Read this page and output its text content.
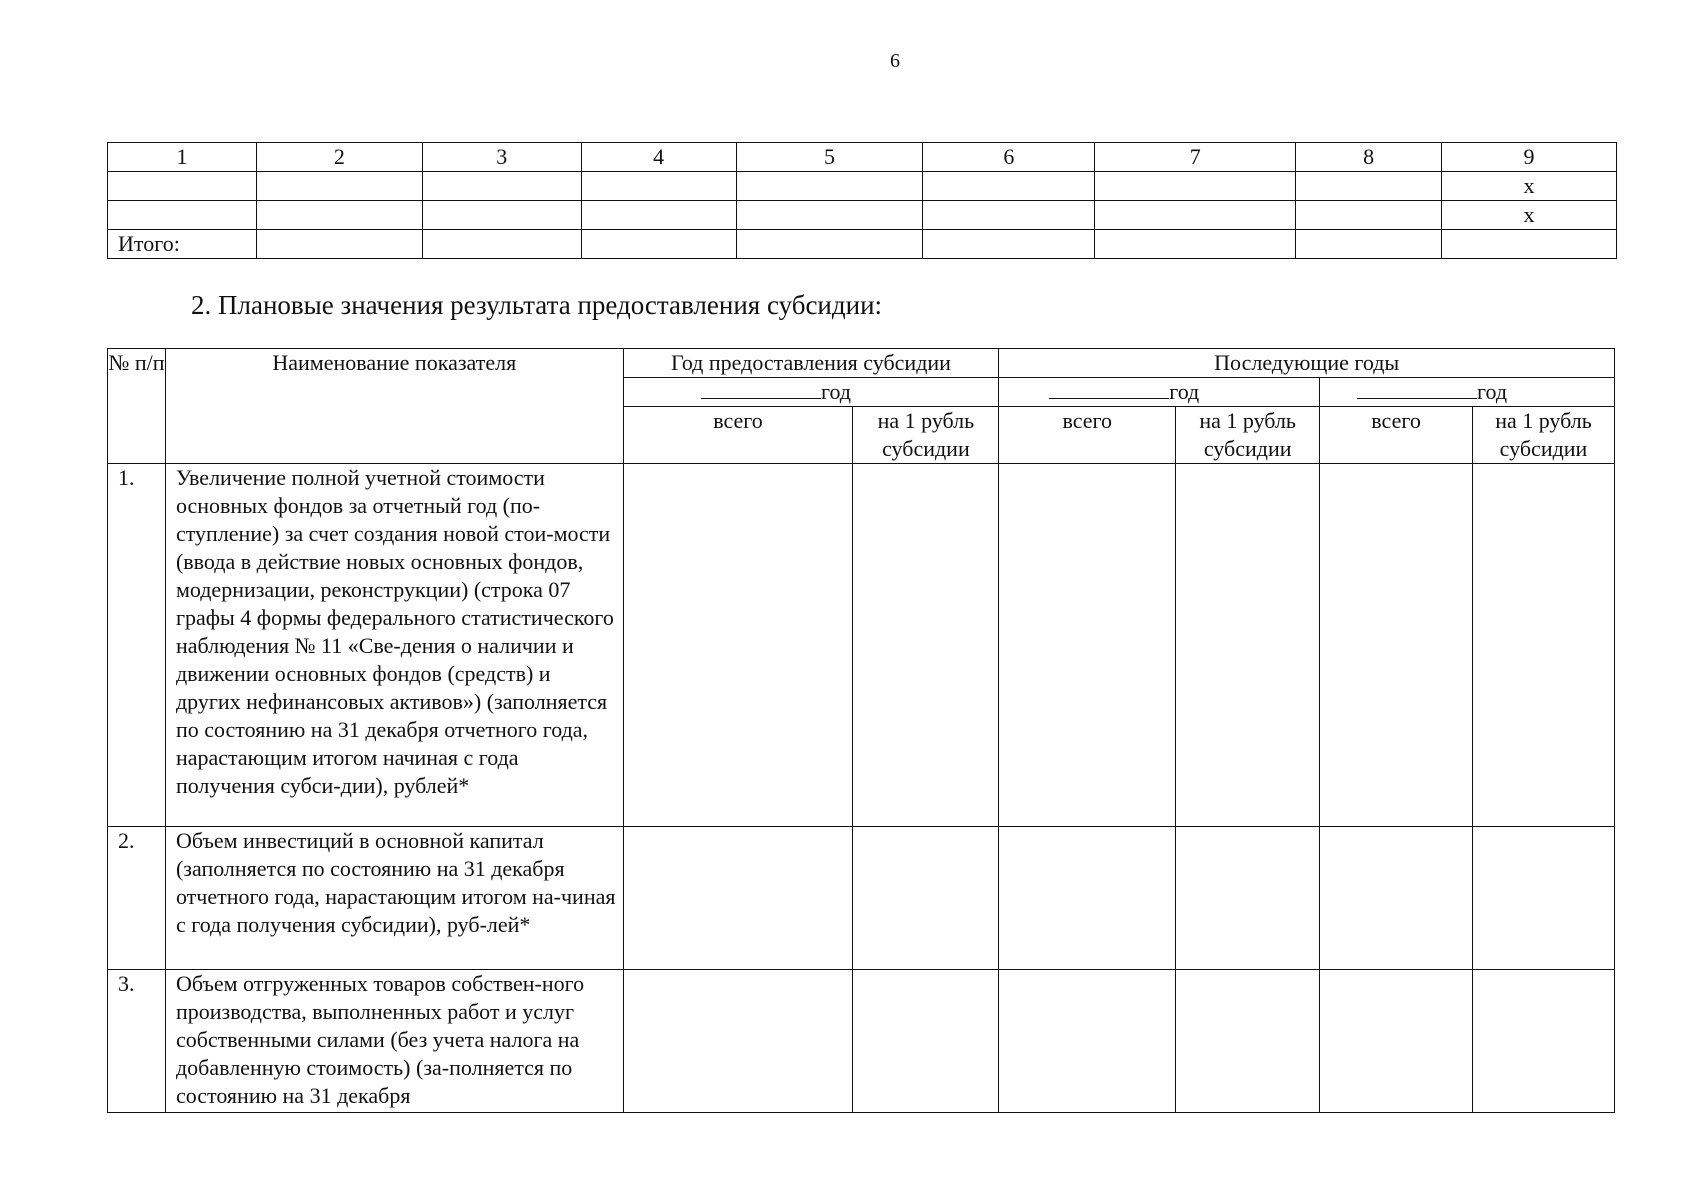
6
1	2	3	4	5	6	7	8	9
								x
								x
Итого:								
2. Плановые значения результата предоставления субсидии:
№ п/п	Наименование показателя	Год предоставления субсидии		Последующие годы			
		год		год		год	
		всего	на 1 рубль субсидии	всего	на 1 рубль субсидии	всего	на 1 рубль субсидии
1.	Увеличение полной учетной стоимости основных фондов за отчетный год (по-ступление) за счет создания новой стои-мости (ввода в действие новых основных фондов, модернизации, реконструкции) (строка 07 графы 4 формы федерального статистического наблюдения № 11 «Све-дения о наличии и движении основных фондов (средств) и других нефинансовых активов») (заполняется по состоянию на 31 декабря отчетного года, нарастающим итогом начиная с года получения субси-дии), рублей*						
2.	Объем инвестиций в основной капитал (заполняется по состоянию на 31 декабря отчетного года, нарастающим итогом на-чиная с года получения субсидии), руб-лей*						
3.	Объем отгруженных товаров собствен-ного производства, выполненных работ и услуг собственными силами (без учета налога на добавленную стоимость) (за-полняется по состоянию на 31 декабря						
